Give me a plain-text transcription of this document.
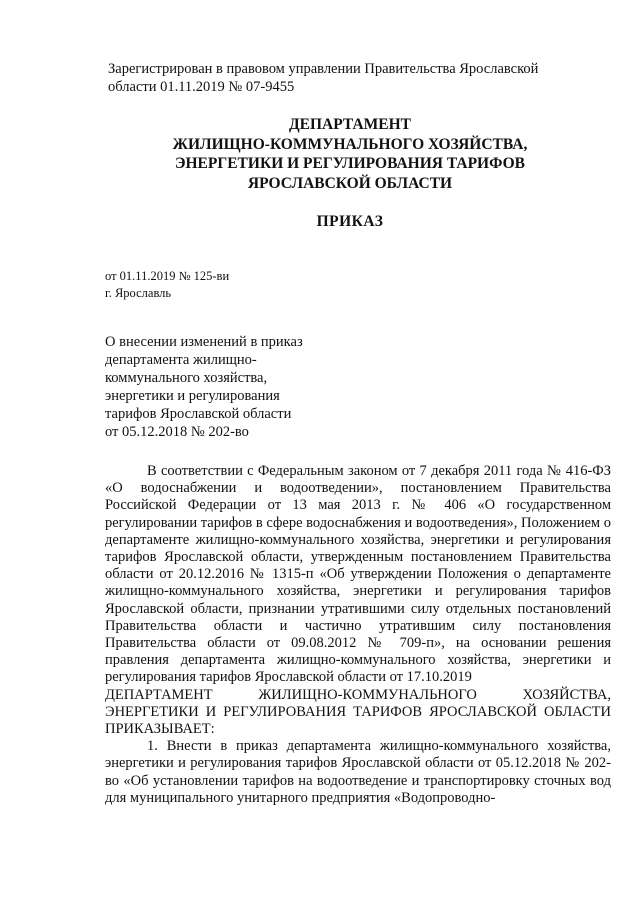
Зарегистрирован в правовом управлении Правительства Ярославской области 01.11.2019 № 07-9455
ДЕПАРТАМЕНТ
ЖИЛИЩНО-КОММУНАЛЬНОГО ХОЗЯЙСТВА,
ЭНЕРГЕТИКИ И РЕГУЛИРОВАНИЯ ТАРИФОВ
ЯРОСЛАВСКОЙ ОБЛАСТИ
ПРИКАЗ
от 01.11.2019 № 125-ви
г. Ярославль
О внесении изменений в приказ
департамента жилищно-
коммунального хозяйства,
энергетики и регулирования
тарифов Ярославской области
от 05.12.2018 № 202-во

В соответствии с Федеральным законом от 7 декабря 2011 года № 416-ФЗ «О водоснабжении и водоотведении», постановлением Правительства Российской Федерации от 13 мая 2013 г. № 406 «О государственном регулировании тарифов в сфере водоснабжения и водоотведения», Положением о департаменте жилищно-коммунального хозяйства, энергетики и регулирования тарифов Ярославской области, утвержденным постановлением Правительства области от 20.12.2016 № 1315-п «Об утверждении Положения о департаменте жилищно-коммунального хозяйства, энергетики и регулирования тарифов Ярославской области, признании утратившими силу отдельных постановлений Правительства области и частично утратившим силу постановления Правительства области от 09.08.2012 № 709-п», на основании решения правления департамента жилищно-коммунального хозяйства, энергетики и регулирования тарифов Ярославской области от 17.10.2019

ДЕПАРТАМЕНТ ЖИЛИЩНО-КОММУНАЛЬНОГО ХОЗЯЙСТВА, ЭНЕРГЕТИКИ И РЕГУЛИРОВАНИЯ ТАРИФОВ ЯРОСЛАВСКОЙ ОБЛАСТИ ПРИКАЗЫВАЕТ:

1. Внести в приказ департамента жилищно-коммунального хозяйства, энергетики и регулирования тарифов Ярославской области от 05.12.2018 № 202-во «Об установлении тарифов на водоотведение и транспортировку сточных вод для муниципального унитарного предприятия «Водопроводно-
